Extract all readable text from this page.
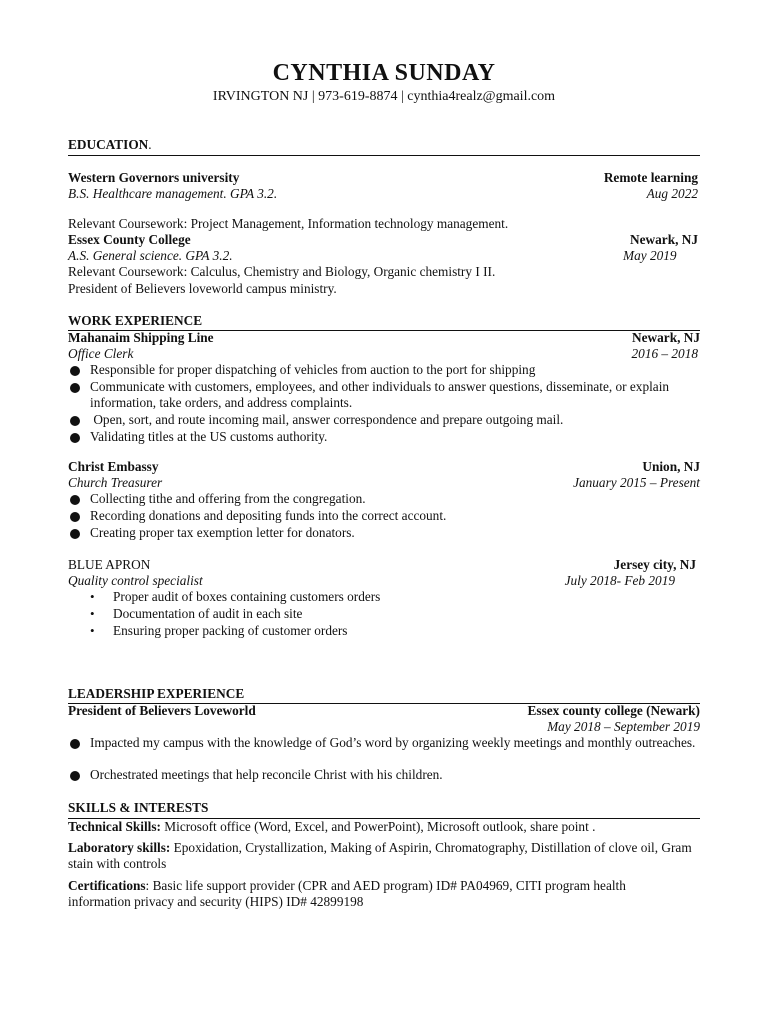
CYNTHIA SUNDAY
IRVINGTON NJ | 973-619-8874 | cynthia4realz@gmail.com
EDUCATION.
Western Governors university	Remote learning
B.S. Healthcare management. GPA 3.2.	Aug 2022
Relevant Coursework: Project Management, Information technology management.
Essex County College	Newark, NJ
A.S. General science. GPA 3.2.	May 2019
Relevant Coursework: Calculus, Chemistry and Biology, Organic chemistry I II.
President of Believers loveworld campus ministry.
WORK EXPERIENCE
Mahanaim Shipping Line	Newark, NJ
Office Clerk	2016 – 2018
Responsible for proper dispatching of vehicles from auction to the port for shipping
Communicate with customers, employees, and other individuals to answer questions, disseminate, or explain information, take orders, and address complaints.
Open, sort, and route incoming mail, answer correspondence and prepare outgoing mail.
Validating titles at the US customs authority.
Christ Embassy	Union, NJ
Church Treasurer	January 2015 – Present
Collecting tithe and offering from the congregation.
Recording donations and depositing funds into the correct account.
Creating proper tax exemption letter for donators.
BLUE APRON	Jersey city, NJ
Quality control specialist	July 2018- Feb 2019
• Proper audit of boxes containing customers orders
• Documentation of audit in each site
• Ensuring proper packing of customer orders
LEADERSHIP EXPERIENCE
President of Believers Loveworld	Essex county college (Newark)
May 2018 – September 2019
Impacted my campus with the knowledge of God’s word by organizing weekly meetings and monthly outreaches.
Orchestrated meetings that help reconcile Christ with his children.
SKILLS & INTERESTS
Technical Skills: Microsoft office (Word, Excel, and PowerPoint), Microsoft outlook, share point .
Laboratory skills: Epoxidation, Crystallization, Making of Aspirin, Chromatography, Distillation of clove oil, Gram stain with controls
Certifications: Basic life support provider (CPR and AED program) ID# PA04969, CITI program health information privacy and security (HIPS) ID# 42899198
